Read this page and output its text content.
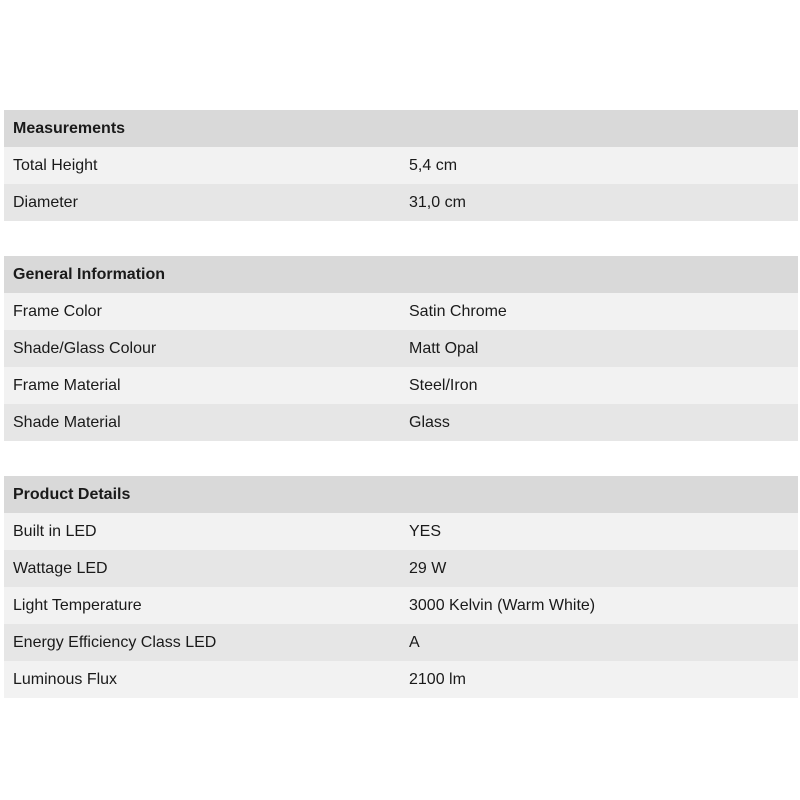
Measurements
Total Height	5,4 cm
Diameter	31,0 cm
General Information
Frame Color	Satin Chrome
Shade/Glass Colour	Matt Opal
Frame Material	Steel/Iron
Shade Material	Glass
Product Details
Built in LED	YES
Wattage LED	29 W
Light Temperature	3000 Kelvin (Warm White)
Energy Efficiency Class LED	A
Luminous Flux	2100 lm
